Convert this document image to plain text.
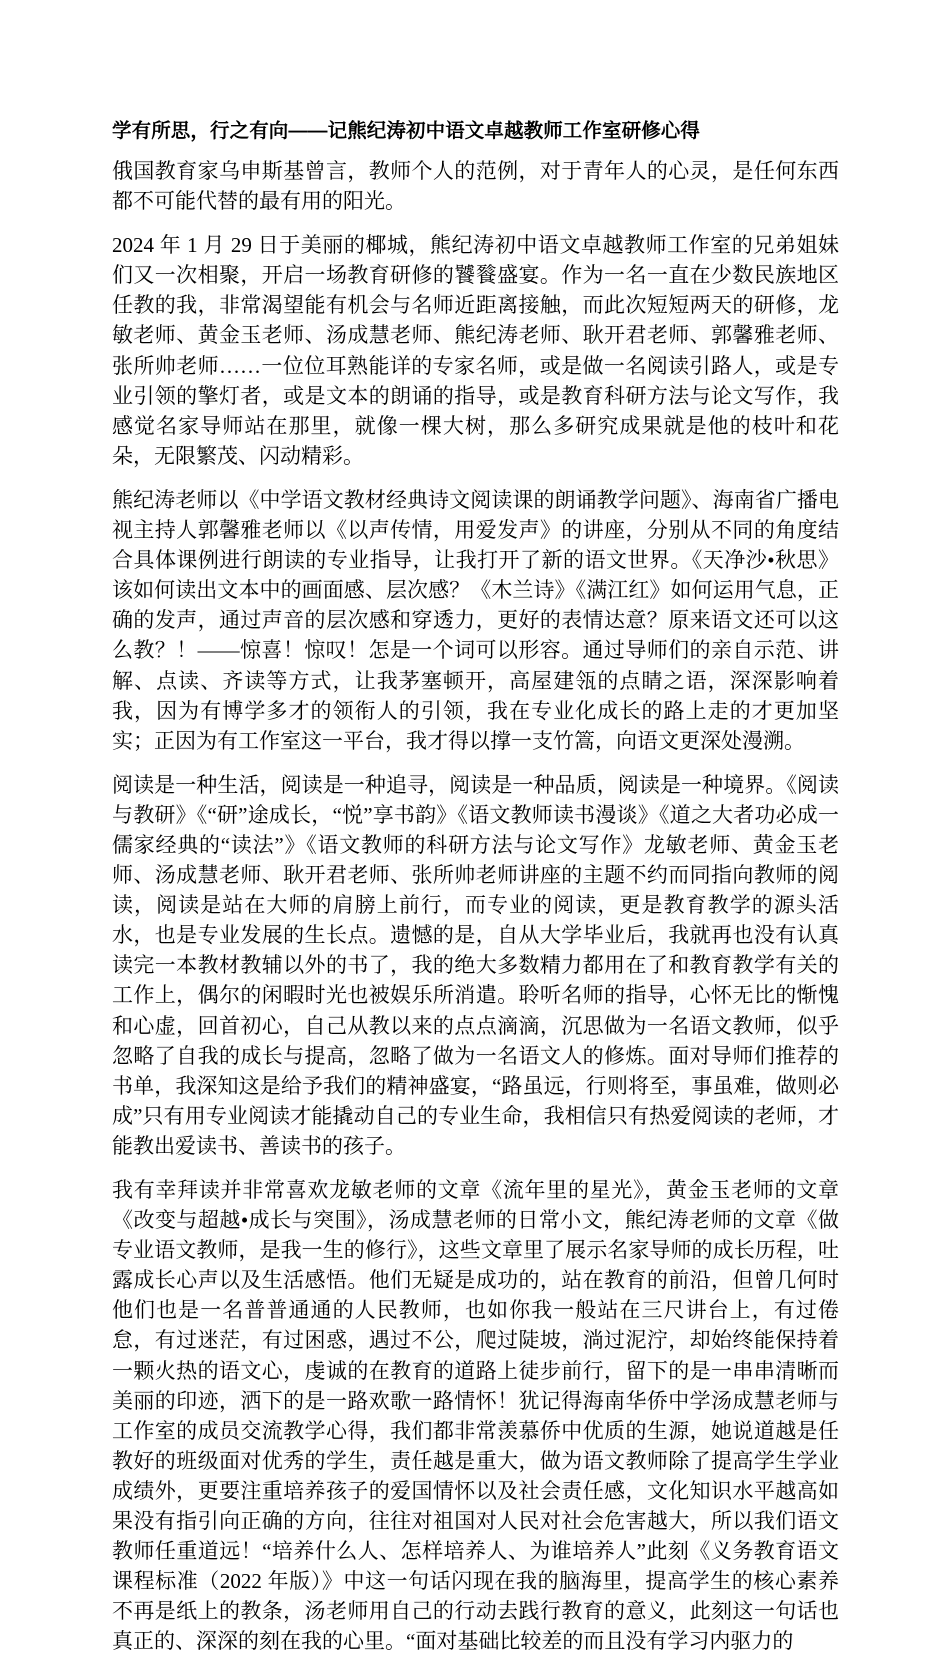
学有所思，行之有向——记熊纪涛初中语文卓越教师工作室研修心得

俄国教育家乌申斯基曾言，教师个人的范例，对于青年人的心灵，是任何东西都不可能代替的最有用的阳光。

2024 年 1 月 29 日于美丽的椰城，熊纪涛初中语文卓越教师工作室的兄弟姐妹们又一次相聚，开启一场教育研修的饕餮盛宴。作为一名一直在少数民族地区任教的我，非常渴望能有机会与名师近距离接触，而此次短短两天的研修，龙敏老师、黄金玉老师、汤成慧老师、熊纪涛老师、耿开君老师、郭馨雅老师、张所帅老师……一位位耳熟能详的专家名师，或是做一名阅读引路人，或是专业引领的擎灯者，或是文本的朗诵的指导，或是教育科研方法与论文写作，我感觉名家导师站在那里，就像一棵大树，那么多研究成果就是他的枝叶和花朵，无限繁茂、闪动精彩。

熊纪涛老师以《中学语文教材经典诗文阅读课的朗诵教学问题》、海南省广播电视主持人郭馨雅老师以《以声传情，用爱发声》的讲座，分别从不同的角度结合具体课例进行朗读的专业指导，让我打开了新的语文世界。《天净沙•秋思》该如何读出文本中的画面感、层次感？《木兰诗》《满江红》如何运用气息，正确的发声，通过声音的层次感和穿透力，更好的表情达意？原来语文还可以这么教？！——惊喜！惊叹！怎是一个词可以形容。通过导师们的亲自示范、讲解、点读、齐读等方式，让我茅塞顿开，高屋建瓴的点睛之语，深深影响着我，因为有博学多才的领衔人的引领，我在专业化成长的路上走的才更加坚实；正因为有工作室这一平台，我才得以撑一支竹篙，向语文更深处漫溯。

阅读是一种生活，阅读是一种追寻，阅读是一种品质，阅读是一种境界。《阅读与教研》《“研”途成长，“悦”享书韵》《语文教师读书漫谈》《道之大者功必成一儒家经典的“读法”》《语文教师的科研方法与论文写作》龙敏老师、黄金玉老师、汤成慧老师、耿开君老师、张所帅老师讲座的主题不约而同指向教师的阅读，阅读是站在大师的肩膀上前行，而专业的阅读，更是教育教学的源头活水，也是专业发展的生长点。遗憾的是，自从大学毕业后，我就再也没有认真读完一本教材教辅以外的书了，我的绝大多数精力都用在了和教育教学有关的工作上，偶尔的闲暇时光也被娱乐所消遣。聆听名师的指导，心怀无比的惭愧和心虚，回首初心，自己从教以来的点点滴滴，沉思做为一名语文教师，似乎忽略了自我的成长与提高，忽略了做为一名语文人的修炼。面对导师们推荐的书单，我深知这是给予我们的精神盛宴，“路虽远，行则将至，事虽难，做则必成”只有用专业阅读才能撬动自己的专业生命，我相信只有热爱阅读的老师，才能教出爱读书、善读书的孩子。

我有幸拜读并非常喜欢龙敏老师的文章《流年里的星光》，黄金玉老师的文章《改变与超越•成长与突围》，汤成慧老师的日常小文，熊纪涛老师的文章《做专业语文教师，是我一生的修行》，这些文章里了展示名家导师的成长历程，吐露成长心声以及生活感悟。他们无疑是成功的，站在教育的前沿，但曾几何时他们也是一名普普通通的人民教师，也如你我一般站在三尺讲台上，有过倦怠，有过迷茫，有过困惑，遇过不公，爬过陡坡，淌过泥泞，却始终能保持着一颗火热的语文心，虔诚的在教育的道路上徒步前行，留下的是一串串清晰而美丽的印迹，洒下的是一路欢歌一路情怀！犹记得海南华侨中学汤成慧老师与工作室的成员交流教学心得，我们都非常羡慕侨中优质的生源，她说道越是任教好的班级面对优秀的学生，责任越是重大，做为语文教师除了提高学生学业成绩外，更要注重培养孩子的爱国情怀以及社会责任感，文化知识水平越高如果没有指引向正确的方向，往往对祖国对人民对社会危害越大，所以我们语文教师任重道远！“培养什么人、怎样培养人、为谁培养人”此刻《义务教育语文课程标准（2022 年版）》中这一句话闪现在我的脑海里，提高学生的核心素养不再是纸上的教条，汤老师用自己的行动去践行教育的意义，此刻这一句话也真正的、深深的刻在我的心里。“面对基础比较差的而且没有学习内驱力的
